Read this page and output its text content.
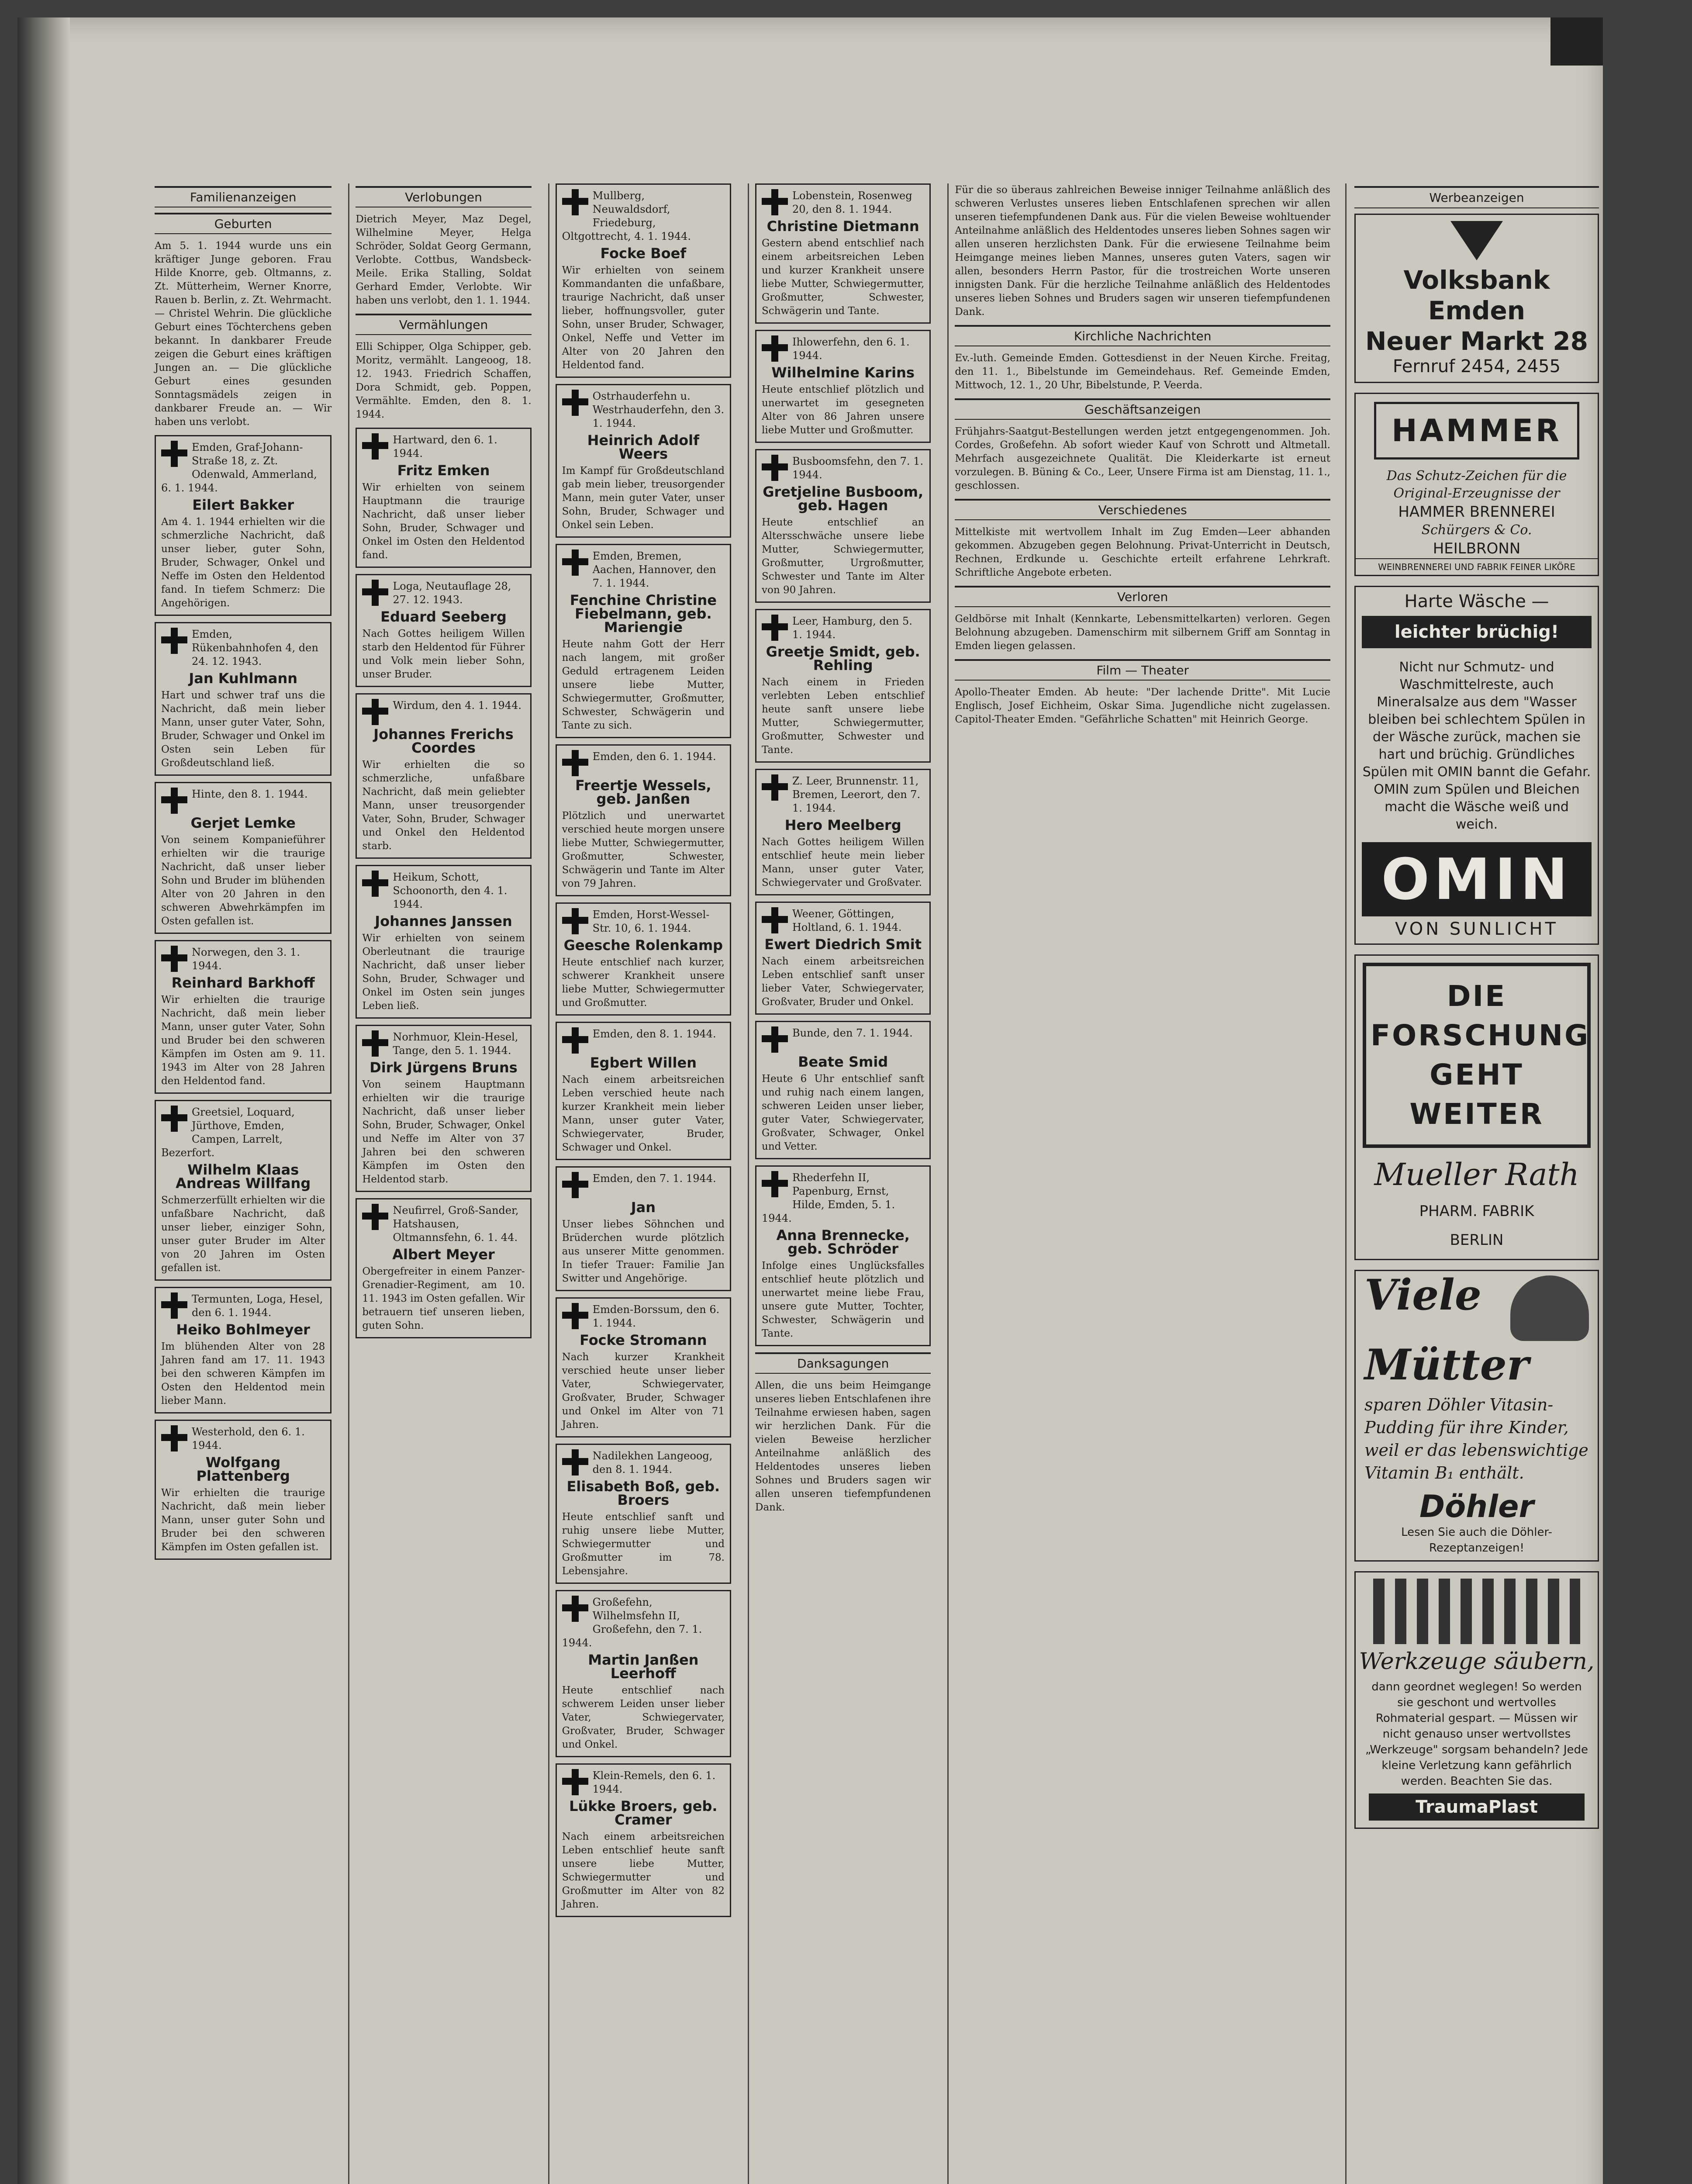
Familienanzeigen
Geburten
Am 5. 1. 1944 wurde uns ein kräftiger Junge geboren. Frau Hilde Knorre, geb. Oltmanns, z. Zt. Mütterheim, Werner Knorre, Rauen b. Berlin, z. Zt. Wehrmacht. — Christel Wehrin. Die glückliche Geburt eines Töchterchens geben bekannt. In dankbarer Freude zeigen die Geburt eines kräftigen Jungen an. — Die glückliche Geburt eines gesunden Sonntagsmädels zeigen in dankbarer Freude an. — Wir haben uns verlobt.
Emden, Graf-Johann-Straße 18, z. Zt. Odenwald, Ammerland, 6. 1. 1944.
Eilert Bakker
Am 4. 1. 1944 erhielten wir die schmerzliche Nachricht, daß unser lieber, guter Sohn, Bruder, Schwager, Onkel und Neffe im Osten den Heldentod fand. In tiefem Schmerz: Die Angehörigen.
Emden, Rükenbahnhofen 4, den 24. 12. 1943.
Jan Kuhlmann
Hart und schwer traf uns die Nachricht, daß mein lieber Mann, unser guter Vater, Sohn, Bruder, Schwager und Onkel im Osten sein Leben für Großdeutschland ließ.
Hinte, den 8. 1. 1944.
Gerjet Lemke
Von seinem Kompanieführer erhielten wir die traurige Nachricht, daß unser lieber Sohn und Bruder im blühenden Alter von 20 Jahren in den schweren Abwehrkämpfen im Osten gefallen ist.
Norwegen, den 3. 1. 1944.
Reinhard Barkhoff
Wir erhielten die traurige Nachricht, daß mein lieber Mann, unser guter Vater, Sohn und Bruder bei den schweren Kämpfen im Osten am 9. 11. 1943 im Alter von 28 Jahren den Heldentod fand.
Greetsiel, Loquard, Jürthove, Emden, Campen, Larrelt, Bezerfort.
Wilhelm Klaas Andreas Willfang
Schmerzerfüllt erhielten wir die unfaßbare Nachricht, daß unser lieber, einziger Sohn, unser guter Bruder im Alter von 20 Jahren im Osten gefallen ist.
Termunten, Loga, Hesel, den 6. 1. 1944.
Heiko Bohlmeyer
Im blühenden Alter von 28 Jahren fand am 17. 11. 1943 bei den schweren Kämpfen im Osten den Heldentod mein lieber Mann.
Westerhold, den 6. 1. 1944.
Wolfgang Plattenberg
Wir erhielten die traurige Nachricht, daß mein lieber Mann, unser guter Sohn und Bruder bei den schweren Kämpfen im Osten gefallen ist.
Verlobungen
Dietrich Meyer, Maz Degel, Wilhelmine Meyer, Helga Schröder, Soldat Georg Germann, Verlobte. Cottbus, Wandsbeck-Meile. Erika Stalling, Soldat Gerhard Emder, Verlobte. Wir haben uns verlobt, den 1. 1. 1944.
Vermählungen
Elli Schipper, Olga Schipper, geb. Moritz, vermählt. Langeoog, 18. 12. 1943. Friedrich Schaffen, Dora Schmidt, geb. Poppen, Vermählte. Emden, den 8. 1. 1944.
Hartward, den 6. 1. 1944.
Fritz Emken
Wir erhielten von seinem Hauptmann die traurige Nachricht, daß unser lieber Sohn, Bruder, Schwager und Onkel im Osten den Heldentod fand.
Loga, Neutauflage 28, 27. 12. 1943.
Eduard Seeberg
Nach Gottes heiligem Willen starb den Heldentod für Führer und Volk mein lieber Sohn, unser Bruder.
Wirdum, den 4. 1. 1944.
Johannes Frerichs Coordes
Wir erhielten die so schmerzliche, unfaßbare Nachricht, daß mein geliebter Mann, unser treusorgender Vater, Sohn, Bruder, Schwager und Onkel den Heldentod starb.
Heikum, Schott, Schoonorth, den 4. 1. 1944.
Johannes Janssen
Wir erhielten von seinem Oberleutnant die traurige Nachricht, daß unser lieber Sohn, Bruder, Schwager und Onkel im Osten sein junges Leben ließ.
Norhmuor, Klein-Hesel, Tange, den 5. 1. 1944.
Dirk Jürgens Bruns
Von seinem Hauptmann erhielten wir die traurige Nachricht, daß unser lieber Sohn, Bruder, Schwager, Onkel und Neffe im Alter von 37 Jahren bei den schweren Kämpfen im Osten den Heldentod starb.
Neufirrel, Groß-Sander, Hatshausen, Oltmannsfehn, 6. 1. 44.
Albert Meyer
Obergefreiter in einem Panzer-Grenadier-Regiment, am 10. 11. 1943 im Osten gefallen. Wir betrauern tief unseren lieben, guten Sohn.
Mullberg, Neuwaldsdorf, Friedeburg, Oltgottrecht, 4. 1. 1944.
Focke Boef
Wir erhielten von seinem Kommandanten die unfaßbare, traurige Nachricht, daß unser lieber, hoffnungsvoller, guter Sohn, unser Bruder, Schwager, Onkel, Neffe und Vetter im Alter von 20 Jahren den Heldentod fand.
Ostrhauderfehn u. Westrhauderfehn, den 3. 1. 1944.
Heinrich Adolf Weers
Im Kampf für Großdeutschland gab mein lieber, treusorgender Mann, mein guter Vater, unser Sohn, Bruder, Schwager und Onkel sein Leben.
Emden, Bremen, Aachen, Hannover, den 7. 1. 1944.
Fenchine Christine Fiebelmann, geb. Mariengie
Heute nahm Gott der Herr nach langem, mit großer Geduld ertragenem Leiden unsere liebe Mutter, Schwiegermutter, Großmutter, Schwester, Schwägerin und Tante zu sich.
Emden, den 6. 1. 1944.
Freertje Wessels, geb. Janßen
Plötzlich und unerwartet verschied heute morgen unsere liebe Mutter, Schwiegermutter, Großmutter, Schwester, Schwägerin und Tante im Alter von 79 Jahren.
Emden, Horst-Wessel-Str. 10, 6. 1. 1944.
Geesche Rolenkamp
Heute entschlief nach kurzer, schwerer Krankheit unsere liebe Mutter, Schwiegermutter und Großmutter.
Emden, den 8. 1. 1944.
Egbert Willen
Nach einem arbeitsreichen Leben verschied heute nach kurzer Krankheit mein lieber Mann, unser guter Vater, Schwiegervater, Bruder, Schwager und Onkel.
Emden, den 7. 1. 1944.
Jan
Unser liebes Söhnchen und Brüderchen wurde plötzlich aus unserer Mitte genommen. In tiefer Trauer: Familie Jan Switter und Angehörige.
Emden-Borssum, den 6. 1. 1944.
Focke Stromann
Nach kurzer Krankheit verschied heute unser lieber Vater, Schwiegervater, Großvater, Bruder, Schwager und Onkel im Alter von 71 Jahren.
Nadilekhen Langeoog, den 8. 1. 1944.
Elisabeth Boß, geb. Broers
Heute entschlief sanft und ruhig unsere liebe Mutter, Schwiegermutter und Großmutter im 78. Lebensjahre.
Großefehn, Wilhelmsfehn II, Großefehn, den 7. 1. 1944.
Martin Janßen Leerhoff
Heute entschlief nach schwerem Leiden unser lieber Vater, Schwiegervater, Großvater, Bruder, Schwager und Onkel.
Klein-Remels, den 6. 1. 1944.
Lükke Broers, geb. Cramer
Nach einem arbeitsreichen Leben entschlief heute sanft unsere liebe Mutter, Schwiegermutter und Großmutter im Alter von 82 Jahren.
Lobenstein, Rosenweg 20, den 8. 1. 1944.
Christine Dietmann
Gestern abend entschlief nach einem arbeitsreichen Leben und kurzer Krankheit unsere liebe Mutter, Schwiegermutter, Großmutter, Schwester, Schwägerin und Tante.
Ihlowerfehn, den 6. 1. 1944.
Wilhelmine Karins
Heute entschlief plötzlich und unerwartet im gesegneten Alter von 86 Jahren unsere liebe Mutter und Großmutter.
Busboomsfehn, den 7. 1. 1944.
Gretjeline Busboom, geb. Hagen
Heute entschlief an Altersschwäche unsere liebe Mutter, Schwiegermutter, Großmutter, Urgroßmutter, Schwester und Tante im Alter von 90 Jahren.
Leer, Hamburg, den 5. 1. 1944.
Greetje Smidt, geb. Rehling
Nach einem in Frieden verlebten Leben entschlief heute sanft unsere liebe Mutter, Schwiegermutter, Großmutter, Schwester und Tante.
Z. Leer, Brunnenstr. 11, Bremen, Leerort, den 7. 1. 1944.
Hero Meelberg
Nach Gottes heiligem Willen entschlief heute mein lieber Mann, unser guter Vater, Schwiegervater und Großvater.
Weener, Göttingen, Holtland, 6. 1. 1944.
Ewert Diedrich Smit
Nach einem arbeitsreichen Leben entschlief sanft unser lieber Vater, Schwiegervater, Großvater, Bruder und Onkel.
Bunde, den 7. 1. 1944.
Beate Smid
Heute 6 Uhr entschlief sanft und ruhig nach einem langen, schweren Leiden unser lieber, guter Vater, Schwiegervater, Großvater, Schwager, Onkel und Vetter.
Rhederfehn II, Papenburg, Ernst, Hilde, Emden, 5. 1. 1944.
Anna Brennecke, geb. Schröder
Infolge eines Unglücksfalles entschlief heute plötzlich und unerwartet meine liebe Frau, unsere gute Mutter, Tochter, Schwester, Schwägerin und Tante.
Danksagungen
Allen, die uns beim Heimgange unseres lieben Entschlafenen ihre Teilnahme erwiesen haben, sagen wir herzlichen Dank. Für die vielen Beweise herzlicher Anteilnahme anläßlich des Heldentodes unseres lieben Sohnes und Bruders sagen wir allen unseren tiefempfundenen Dank.
Für die so überaus zahlreichen Beweise inniger Teilnahme anläßlich des schweren Verlustes unseres lieben Entschlafenen sprechen wir allen unseren tiefempfundenen Dank aus. Für die vielen Beweise wohltuender Anteilnahme anläßlich des Heldentodes unseres lieben Sohnes sagen wir allen unseren herzlichsten Dank. Für die erwiesene Teilnahme beim Heimgange meines lieben Mannes, unseres guten Vaters, sagen wir allen, besonders Herrn Pastor, für die trostreichen Worte unseren innigsten Dank. Für die herzliche Teilnahme anläßlich des Heldentodes unseres lieben Sohnes und Bruders sagen wir unseren tiefempfundenen Dank.
Kirchliche Nachrichten
Ev.-luth. Gemeinde Emden. Gottesdienst in der Neuen Kirche. Freitag, den 11. 1., Bibelstunde im Gemeindehaus. Ref. Gemeinde Emden, Mittwoch, 12. 1., 20 Uhr, Bibelstunde, P. Veerda.
Geschäftsanzeigen
Frühjahrs-Saatgut-Bestellungen werden jetzt entgegengenommen. Joh. Cordes, Großefehn. Ab sofort wieder Kauf von Schrott und Altmetall. Mehrfach ausgezeichnete Qualität. Die Kleiderkarte ist erneut vorzulegen. B. Büning & Co., Leer, Unsere Firma ist am Dienstag, 11. 1., geschlossen.
Verschiedenes
Mittelkiste mit wertvollem Inhalt im Zug Emden—Leer abhanden gekommen. Abzugeben gegen Belohnung. Privat-Unterricht in Deutsch, Rechnen, Erdkunde u. Geschichte erteilt erfahrene Lehrkraft. Schriftliche Angebote erbeten.
Verloren
Geldbörse mit Inhalt (Kennkarte, Lebensmittelkarten) verloren. Gegen Belohnung abzugeben. Damenschirm mit silbernem Griff am Sonntag in Emden liegen gelassen.
Film — Theater
Apollo-Theater Emden. Ab heute: "Der lachende Dritte". Mit Lucie Englisch, Josef Eichheim, Oskar Sima. Jugendliche nicht zugelassen. Capitol-Theater Emden. "Gefährliche Schatten" mit Heinrich George.
Werbeanzeigen
Volksbank Emden
Neuer Markt 28
Fernruf 2454, 2455
HAMMER
Das Schutz-Zeichen für die Original-Erzeugnisse der
HAMMER BRENNEREI
Schürgers & Co.
HEILBRONN
WEINBRENNEREI UND FABRIK FEINER LIKÖRE
Harte Wäsche —
leichter brüchig!
Nicht nur Schmutz- und Waschmittelreste, auch Mineralsalze aus dem "Wasser bleiben bei schlechtem Spülen in der Wäsche zurück, machen sie hart und brüchig. Gründliches Spülen mit OMIN bannt die Gefahr. OMIN zum Spülen und Bleichen macht die Wäsche weiß und weich.
OMIN
VON SUNLICHT
DIE
FORSCHUNG
GEHT
WEITER
Mueller Rath
PHARM. FABRIK
BERLIN
Viele
Mütter
sparen Döhler Vitasin-Pudding für ihre Kinder, weil er das lebenswichtige Vitamin B₁ enthält.
Döhler
Lesen Sie auch die Döhler-Rezeptanzeigen!
Werkzeuge säubern,
dann geordnet weglegen! So werden sie geschont und wertvolles Rohmaterial gespart. — Müssen wir nicht genauso unser wertvollstes „Werkzeuge" sorgsam behandeln? Jede kleine Verletzung kann gefährlich werden. Beachten Sie das.
TraumaPlast
